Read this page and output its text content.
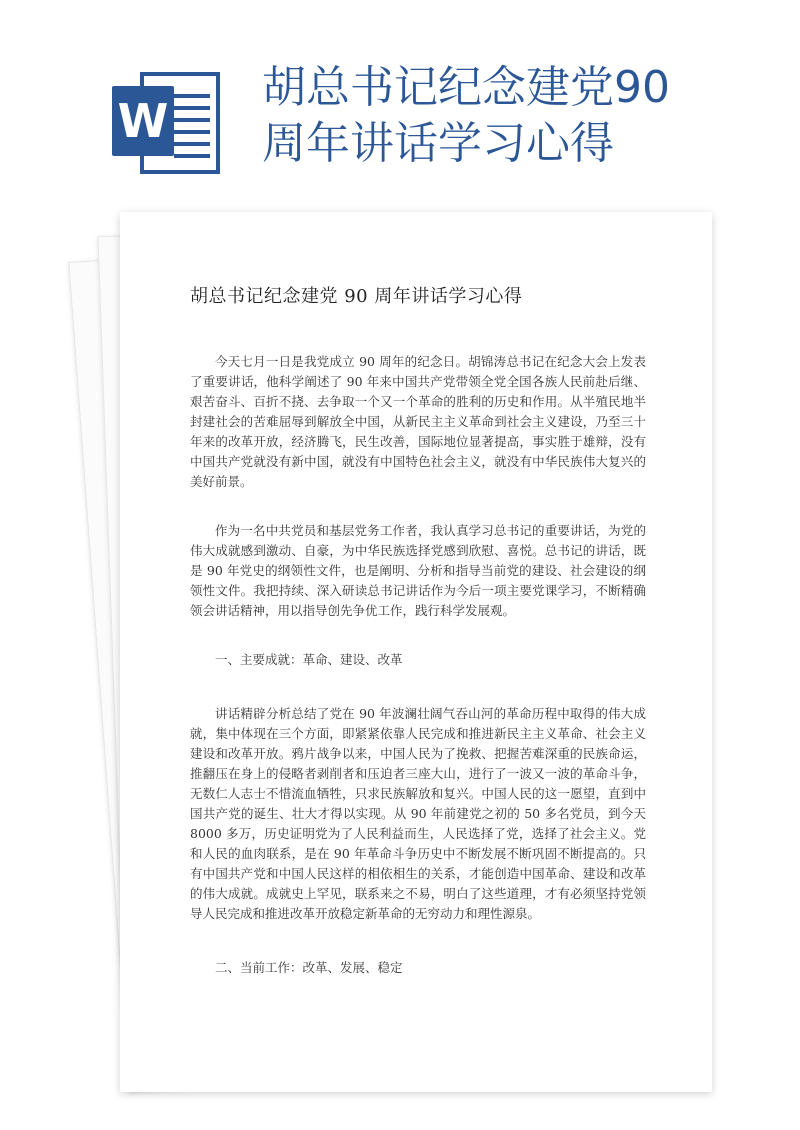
W
胡总书记纪念建党90
周年讲话学习心得
胡总书记纪念建党 90 周年讲话学习心得

今天七月一日是我党成立 90 周年的纪念日。胡锦涛总书记在纪念大会上发表了重要讲话，他科学阐述了 90 年来中国共产党带领全党全国各族人民前赴后继、艰苦奋斗、百折不挠、去争取一个又一个革命的胜利的历史和作用。从半殖民地半封建社会的苦难屈辱到解放全中国，从新民主主义革命到社会主义建设，乃至三十年来的改革开放，经济腾飞，民生改善，国际地位显著提高，事实胜于雄辩，没有中国共产党就没有新中国，就没有中国特色社会主义，就没有中华民族伟大复兴的美好前景。

作为一名中共党员和基层党务工作者，我认真学习总书记的重要讲话，为党的伟大成就感到激动、自豪，为中华民族选择党感到欣慰、喜悦。总书记的讲话，既是 90 年党史的纲领性文件，也是阐明、分析和指导当前党的建设、社会建设的纲领性文件。我把持续、深入研读总书记讲话作为今后一项主要党课学习，不断精确领会讲话精神，用以指导创先争优工作，践行科学发展观。

一、主要成就：革命、建设、改革

讲话精辟分析总结了党在 90 年波澜壮阔气吞山河的革命历程中取得的伟大成就，集中体现在三个方面，即紧紧依靠人民完成和推进新民主主义革命、社会主义建设和改革开放。鸦片战争以来，中国人民为了挽救、把握苦难深重的民族命运，推翻压在身上的侵略者剥削者和压迫者三座大山，进行了一波又一波的革命斗争，无数仁人志士不惜流血牺牲，只求民族解放和复兴。中国人民的这一愿望，直到中国共产党的诞生、壮大才得以实现。从 90 年前建党之初的 50 多名党员，到今天 8000 多万，历史证明党为了人民利益而生，人民选择了党，选择了社会主义。党和人民的血肉联系，是在 90 年革命斗争历史中不断发展不断巩固不断提高的。只有中国共产党和中国人民这样的相依相生的关系，才能创造中国革命、建设和改革的伟大成就。成就史上罕见，联系来之不易，明白了这些道理，才有必须坚持党领导人民完成和推进改革开放稳定新革命的无穷动力和理性源泉。

二、当前工作：改革、发展、稳定
